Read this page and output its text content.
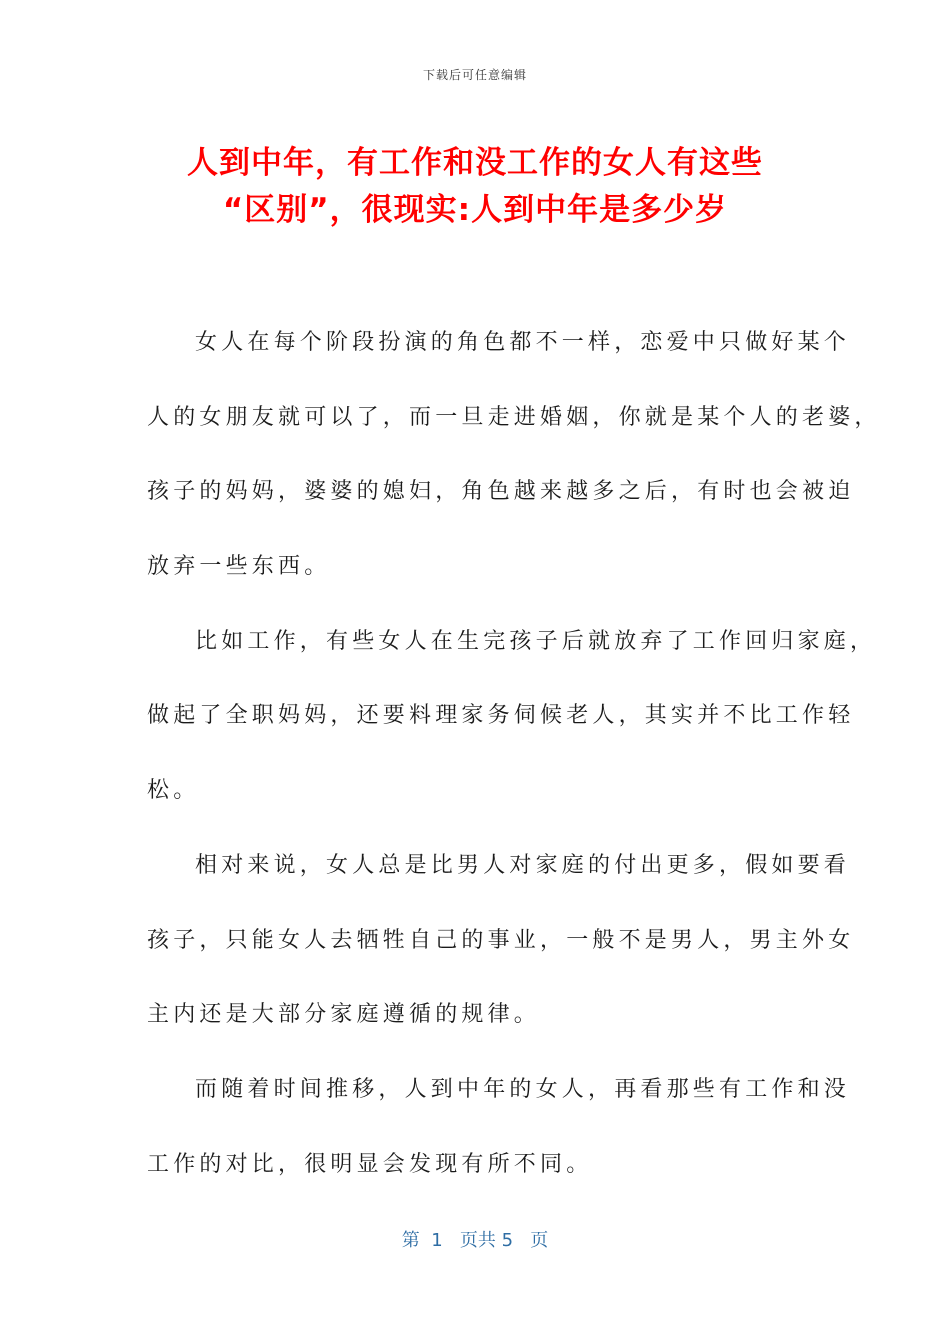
下载后可任意编辑
人到中年，有工作和没工作的女人有这些
“区别”，很现实:人到中年是多少岁
女人在每个阶段扮演的角色都不一样，恋爱中只做好某个
人的女朋友就可以了，而一旦走进婚姻，你就是某个人的老婆，
孩子的妈妈，婆婆的媳妇，角色越来越多之后，有时也会被迫
放弃一些东西。
比如工作，有些女人在生完孩子后就放弃了工作回归家庭，
做起了全职妈妈，还要料理家务伺候老人，其实并不比工作轻
松。
相对来说，女人总是比男人对家庭的付出更多，假如要看
孩子，只能女人去牺牲自己的事业，一般不是男人，男主外女
主内还是大部分家庭遵循的规律。
而随着时间推移，人到中年的女人，再看那些有工作和没
工作的对比，很明显会发现有所不同。
第  1   页共 5   页
